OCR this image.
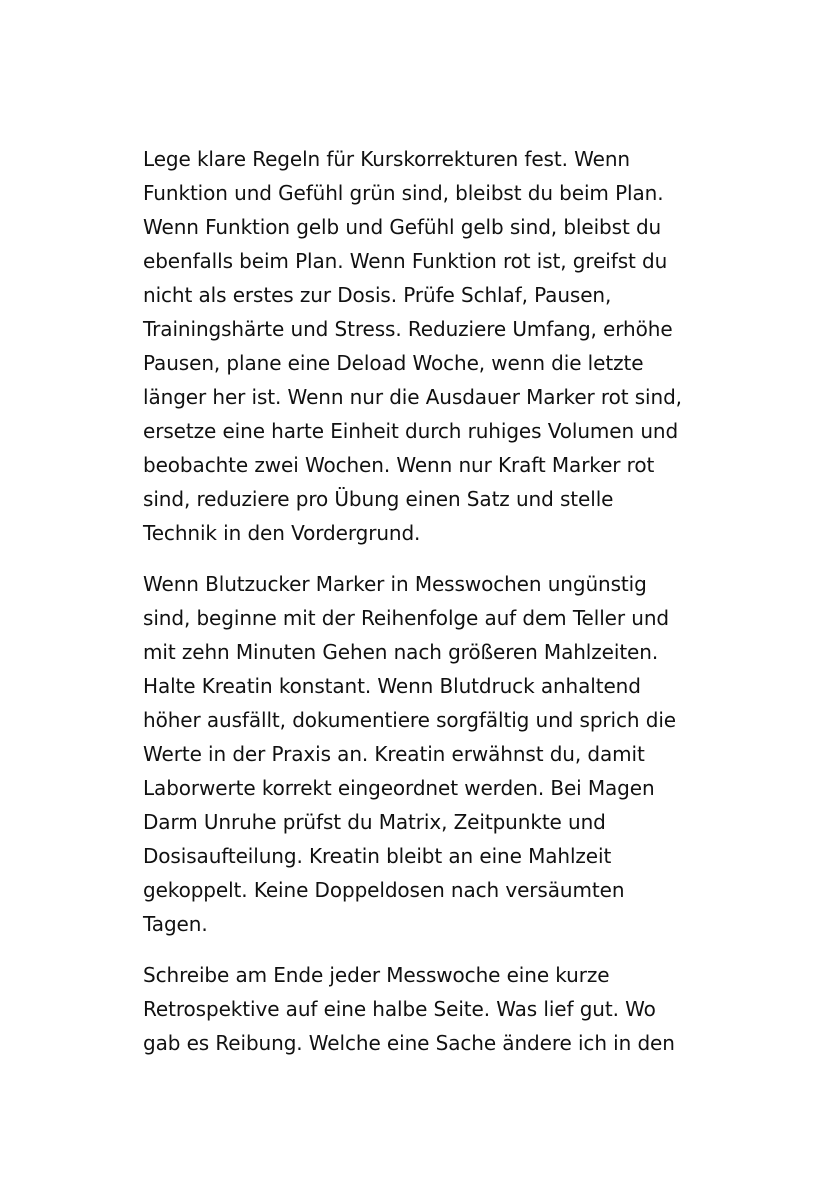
Lege klare Regeln für Kurskorrekturen fest. Wenn
Funktion und Gefühl grün sind, bleibst du beim Plan.
Wenn Funktion gelb und Gefühl gelb sind, bleibst du
ebenfalls beim Plan. Wenn Funktion rot ist, greifst du
nicht als erstes zur Dosis. Prüfe Schlaf, Pausen,
Trainingshärte und Stress. Reduziere Umfang, erhöhe
Pausen, plane eine Deload Woche, wenn die letzte
länger her ist. Wenn nur die Ausdauer Marker rot sind,
ersetze eine harte Einheit durch ruhiges Volumen und
beobachte zwei Wochen. Wenn nur Kraft Marker rot
sind, reduziere pro Übung einen Satz und stelle
Technik in den Vordergrund.

Wenn Blutzucker Marker in Messwochen ungünstig
sind, beginne mit der Reihenfolge auf dem Teller und
mit zehn Minuten Gehen nach größeren Mahlzeiten.
Halte Kreatin konstant. Wenn Blutdruck anhaltend
höher ausfällt, dokumentiere sorgfältig und sprich die
Werte in der Praxis an. Kreatin erwähnst du, damit
Laborwerte korrekt eingeordnet werden. Bei Magen
Darm Unruhe prüfst du Matrix, Zeitpunkte und
Dosisaufteilung. Kreatin bleibt an eine Mahlzeit
gekoppelt. Keine Doppeldosen nach versäumten
Tagen.

Schreibe am Ende jeder Messwoche eine kurze
Retrospektive auf eine halbe Seite. Was lief gut. Wo
gab es Reibung. Welche eine Sache ändere ich in den
